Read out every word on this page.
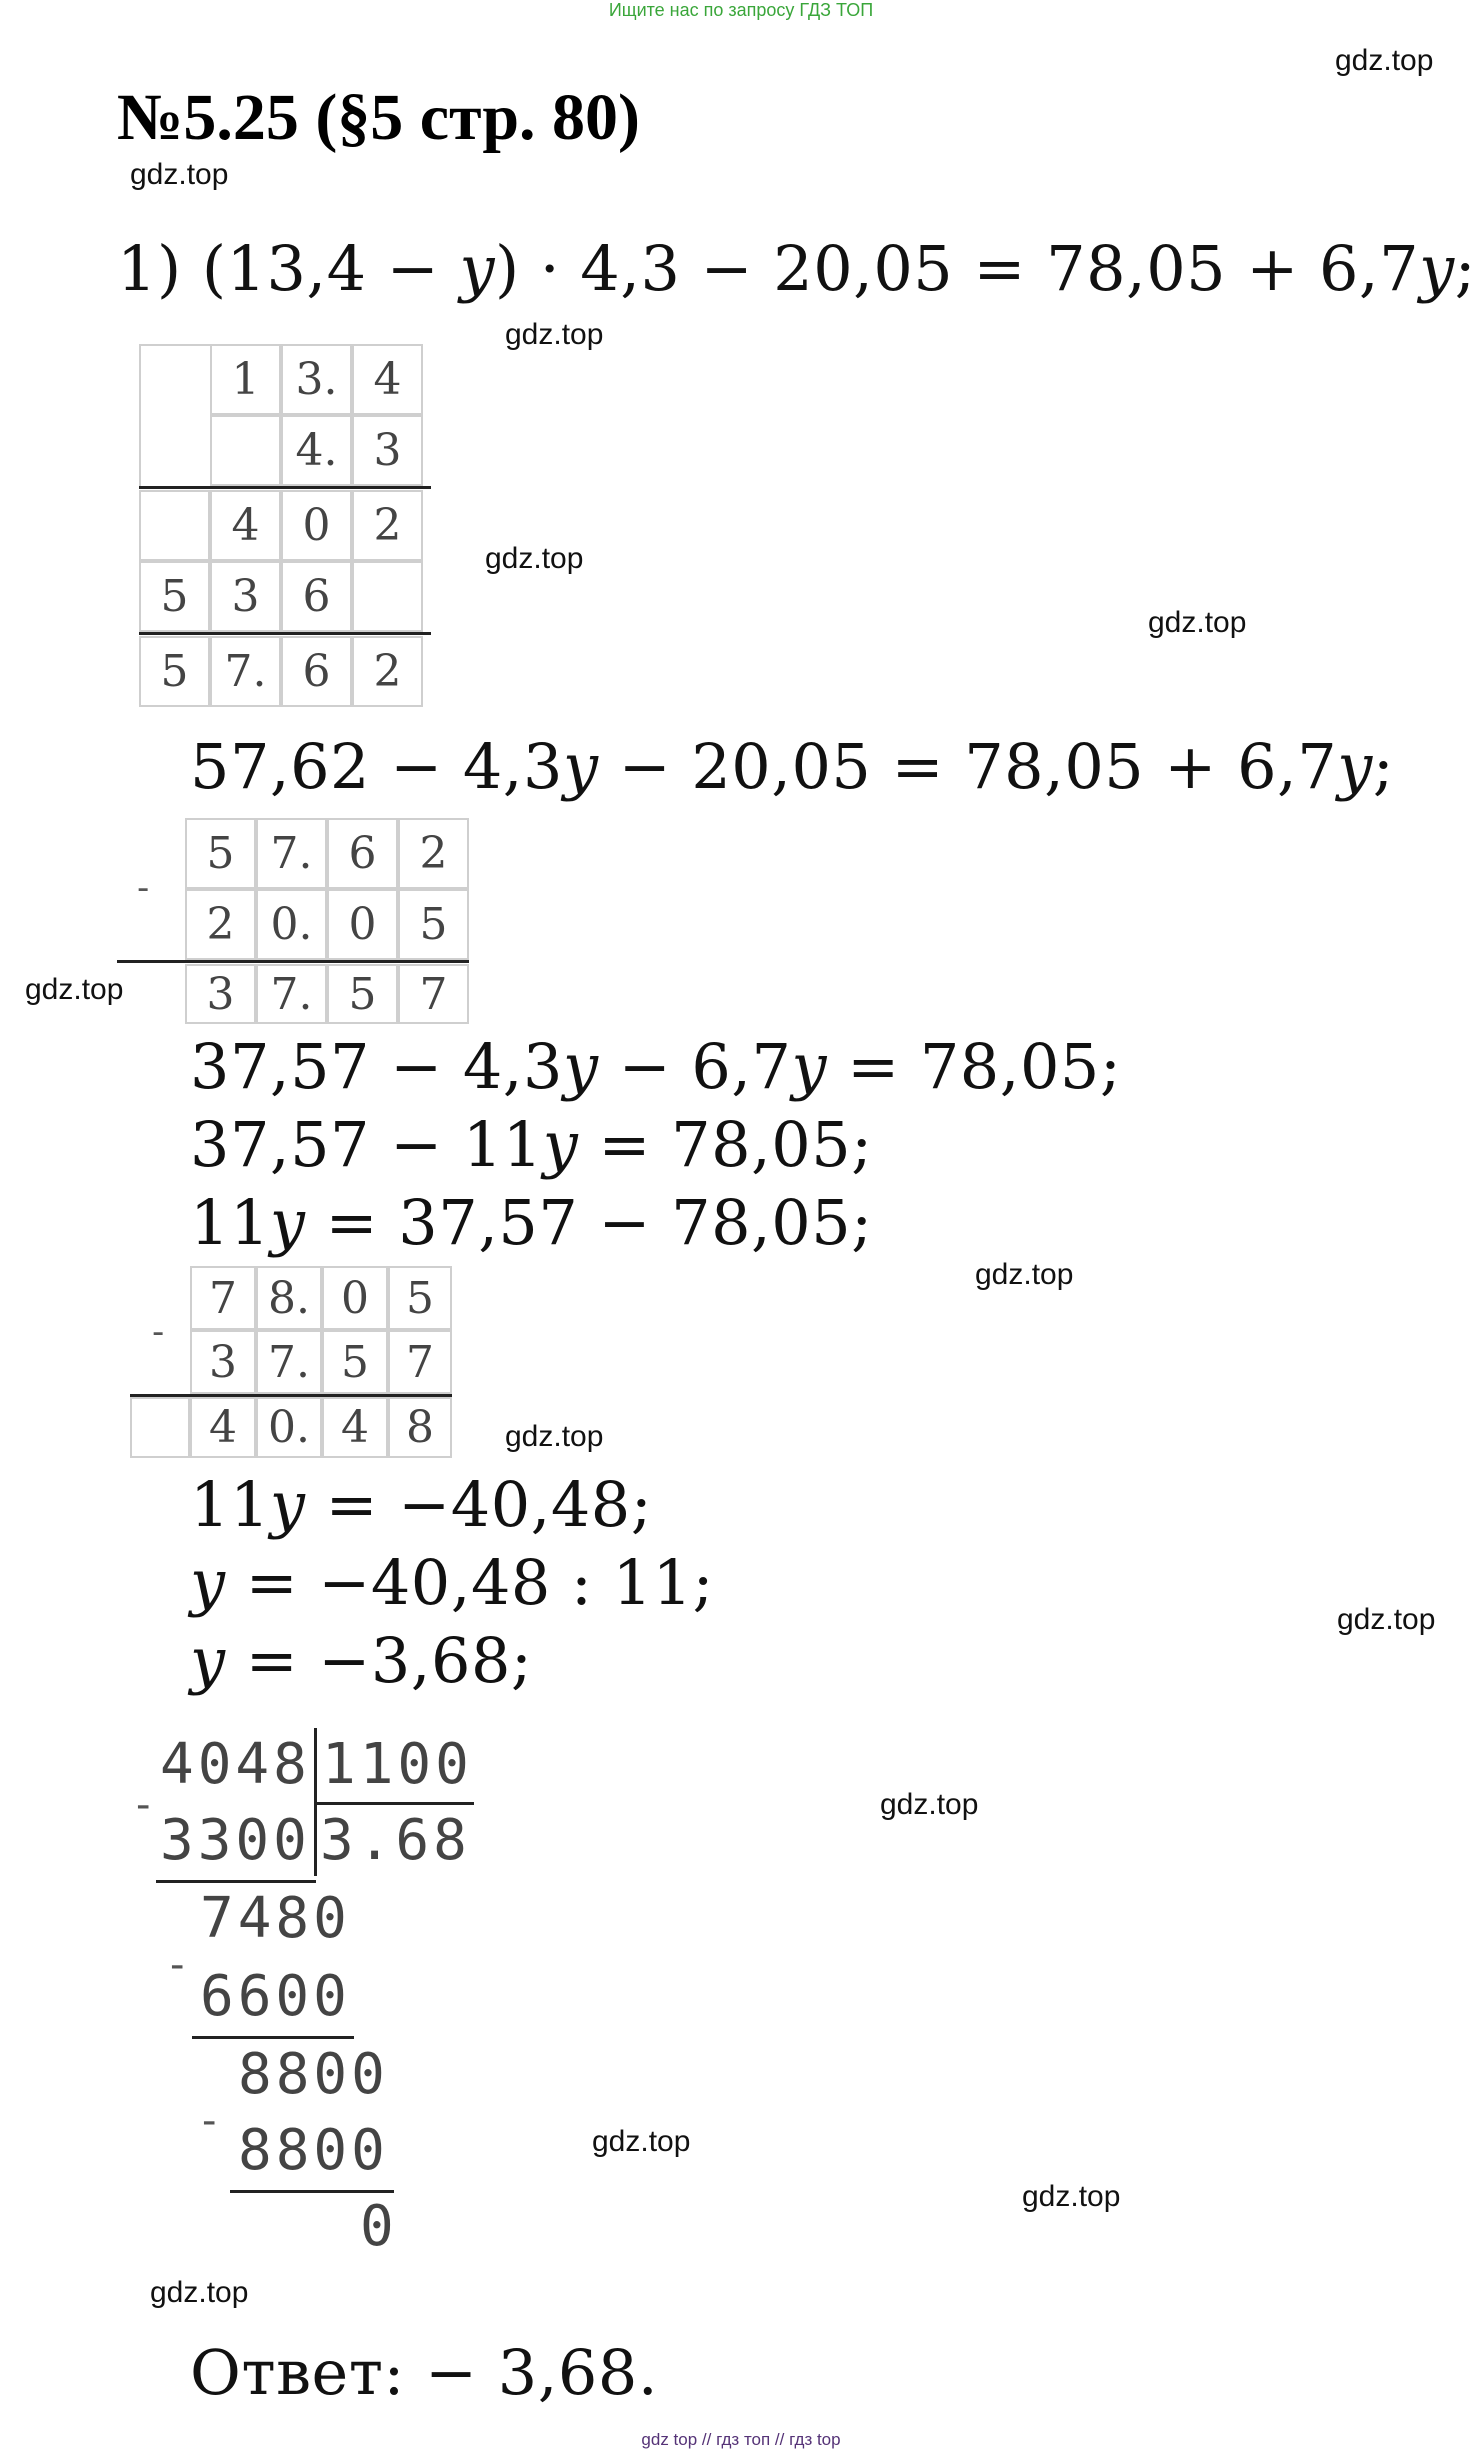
Ищите нас по запросу ГДЗ ТОП
№5.25 (§5 стр. 80)
gdz.top
gdz.top
gdz.top
gdz.top
gdz.top
gdz.top
gdz.top
gdz.top
gdz.top
gdz.top
gdz.top
gdz.top
gdz.top
1) (13,4 − y) · 4,3 − 20,05 = 78,05 + 6,7y;
1 3. 4
4. 3
4 0 2
5 3 6
5 7. 6 2
57,62 − 4,3y − 20,05 = 78,05 + 6,7y;
-
5 7. 6 2
2 0. 0 5
3 7. 5 7
37,57 − 4,3y − 6,7y = 78,05;
37,57 − 11y = 78,05;
11y = 37,57 − 78,05;
-
7 8. 0 5
3 7. 5 7
4 0. 4 8
11y = −40,48;
y = −40,48 : 11;
y = −3,68;
4048 1100
-
3300 3.68
7480
- 6600
8800
- 8800
0
Ответ: − 3,68.
gdz top // гдз топ // гдз top
